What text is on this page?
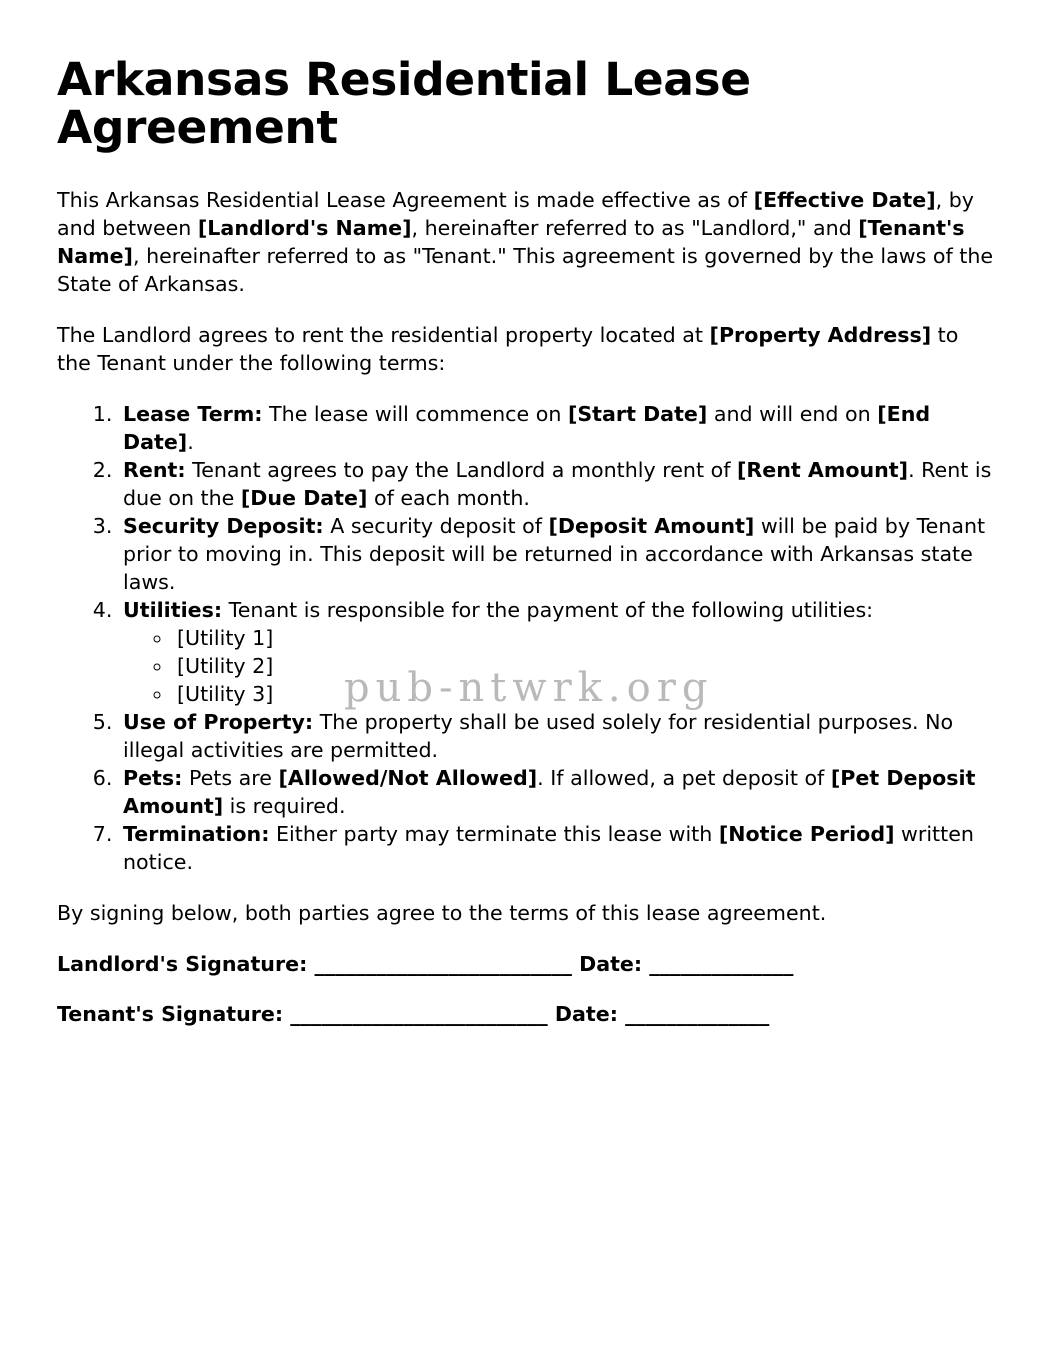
pub-ntwrk.org
Arkansas Residential Lease Agreement

This Arkansas Residential Lease Agreement is made effective as of [Effective Date], by and between [Landlord's Name], hereinafter referred to as "Landlord," and [Tenant's Name], hereinafter referred to as "Tenant." This agreement is governed by the laws of the State of Arkansas.

The Landlord agrees to rent the residential property located at [Property Address] to the Tenant under the following terms:

1. Lease Term: The lease will commence on [Start Date] and will end on [End Date].
2. Rent: Tenant agrees to pay the Landlord a monthly rent of [Rent Amount]. Rent is due on the [Due Date] of each month.
3. Security Deposit: A security deposit of [Deposit Amount] will be paid by Tenant prior to moving in. This deposit will be returned in accordance with Arkansas state laws.
4. Utilities: Tenant is responsible for the payment of the following utilities:
◦ [Utility 1]
◦ [Utility 2]
◦ [Utility 3]
5. Use of Property: The property shall be used solely for residential purposes. No illegal activities are permitted.
6. Pets: Pets are [Allowed/Not Allowed]. If allowed, a pet deposit of [Pet Deposit Amount] is required.
7. Termination: Either party may terminate this lease with [Notice Period] written notice.

By signing below, both parties agree to the terms of this lease agreement.

Landlord's Signature: _________________________ Date: ______________
Tenant's Signature: _________________________ Date: ______________
